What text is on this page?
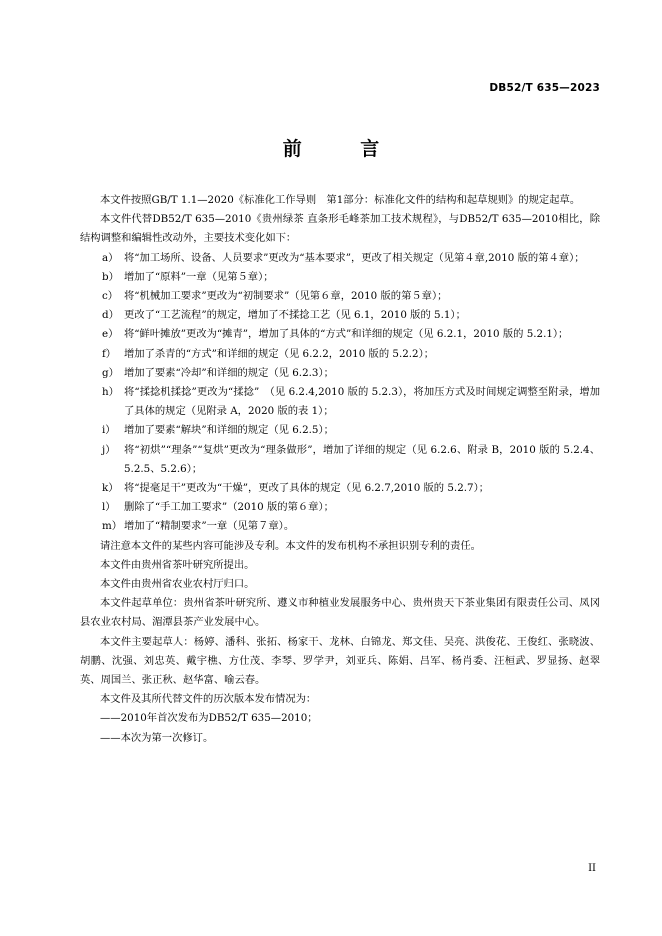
DB52/T 635—2023
前 言

本文件按照GB/T 1.1—2020《标准化工作导则　第1部分：标准化文件的结构和起草规则》的规定起草。

本文件代替DB52/T 635—2010《贵州绿茶 直条形毛峰茶加工技术规程》，与DB52/T 635—2010相比，除结构调整和编辑性改动外，主要技术变化如下：

a） 将“加工场所、设备、人员要求”更改为“基本要求”，更改了相关规定（见第４章,2010 版的第４章）；
b） 增加了“原料”一章（见第５章）；
c） 将“机械加工要求”更改为“初制要求”（见第６章，2010 版的第５章）；
d） 更改了“工艺流程”的规定，增加了不揉捻工艺（见 6.1，2010 版的 5.1）；
e） 将“鲜叶摊放”更改为“摊青”，增加了具体的“方式”和详细的规定（见 6.2.1，2010 版的 5.2.1）；
f） 增加了杀青的“方式”和详细的规定（见 6.2.2，2010 版的 5.2.2）；
g） 增加了要素“冷却”和详细的规定（见 6.2.3）；
h） 将“揉捻机揉捻”更改为“揉捻”　（见 6.2.4,2010 版的 5.2.3），将加压方式及时间规定调整至附录，增加了具体的规定（见附录 A，2020 版的表 1）；
i） 增加了要素“解块”和详细的规定（见 6.2.5）；
j） 将“初烘”“理条”“复烘”更改为“理条做形”，增加了详细的规定（见 6.2.6、附录 B，2010 版的 5.2.4、5.2.5、5.2.6）；
k） 将“提毫足干”更改为“干燥”，更改了具体的规定（见 6.2.7,2010 版的 5.2.7）；
l） 删除了“手工加工要求”（2010 版的第６章）；
m） 增加了“精制要求”一章（见第７章）。

请注意本文件的某些内容可能涉及专利。本文件的发布机构不承担识别专利的责任。

本文件由贵州省茶叶研究所提出。

本文件由贵州省农业农村厅归口。

本文件起草单位：贵州省茶叶研究所、遵义市种植业发展服务中心、贵州贵天下茶业集团有限责任公司、凤冈县农业农村局、湄潭县茶产业发展中心。

本文件主要起草人：杨婷、潘科、张拓、杨家干、龙林、白锦龙、郑文佳、吴亮、洪俊花、王俊红、张晓波、胡鹏、沈强、刘忠英、戴宇樵、方仕茂、李琴、罗学尹，刘亚兵、陈娟、吕军、杨肖委、汪桓武、罗显扬、赵翠英、周国兰、张正秋、赵华富、喻云春。

本文件及其所代替文件的历次版本发布情况为：

——2010年首次发布为DB52/T 635—2010；

——本次为第一次修订。

II
